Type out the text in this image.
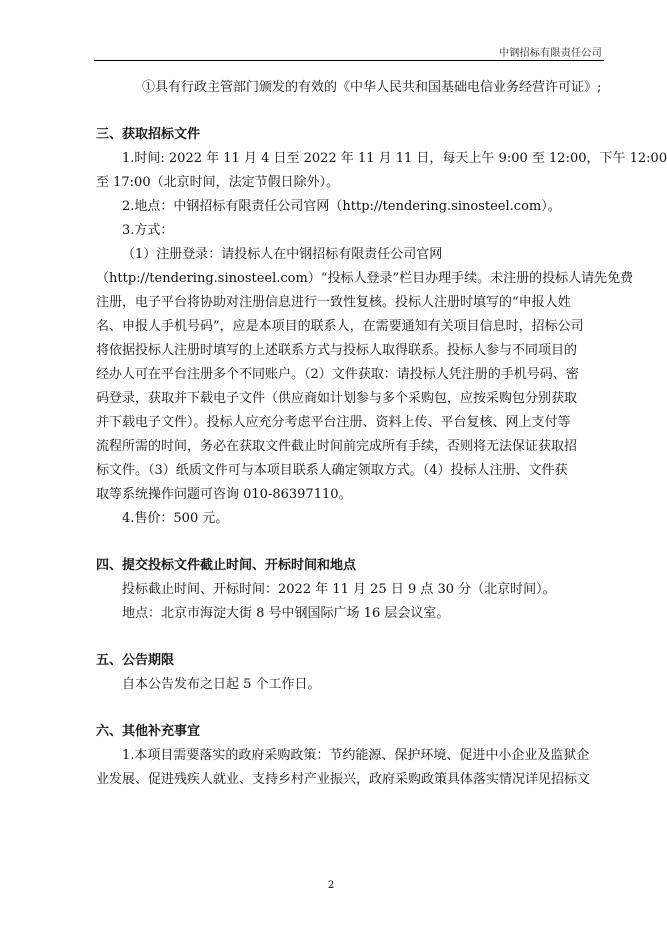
中钢招标有限责任公司
①具有行政主管部门颁发的有效的《中华人民共和国基础电信业务经营许可证》;
三、获取招标文件
1.时间: 2022 年 11 月 4 日至 2022 年 11 月 11 日，每天上午 9:00 至 12:00，下午 12:00
至 17:00（北京时间，法定节假日除外）。
2.地点：中钢招标有限责任公司官网（http://tendering.sinosteel.com）。
3.方式：
（1）注册登录：请投标人在中钢招标有限责任公司官网
（http://tendering.sinosteel.com）“投标人登录”栏目办理手续。未注册的投标人请先免费
注册，电子平台将协助对注册信息进行一致性复核。投标人注册时填写的“申报人姓
名、申报人手机号码”，应是本项目的联系人，在需要通知有关项目信息时，招标公司
将依据投标人注册时填写的上述联系方式与投标人取得联系。投标人参与不同项目的
经办人可在平台注册多个不同账户。（2）文件获取：请投标人凭注册的手机号码、密
码登录，获取并下载电子文件（供应商如计划参与多个采购包，应按采购包分别获取
并下载电子文件）。投标人应充分考虑平台注册、资料上传、平台复核、网上支付等
流程所需的时间，务必在获取文件截止时间前完成所有手续，否则将无法保证获取招
标文件。（3）纸质文件可与本项目联系人确定领取方式。（4）投标人注册、文件获
取等系统操作问题可咨询 010-86397110。
4.售价：500 元。
四、提交投标文件截止时间、开标时间和地点
投标截止时间、开标时间：2022 年 11 月 25 日 9 点 30 分（北京时间）。
地点：北京市海淀大街 8 号中钢国际广场 16 层会议室。
五、公告期限
自本公告发布之日起 5 个工作日。
六、其他补充事宜
1.本项目需要落实的政府采购政策：节约能源、保护环境、促进中小企业及监狱企
业发展、促进残疾人就业、支持乡村产业振兴，政府采购政策具体落实情况详见招标文
2
